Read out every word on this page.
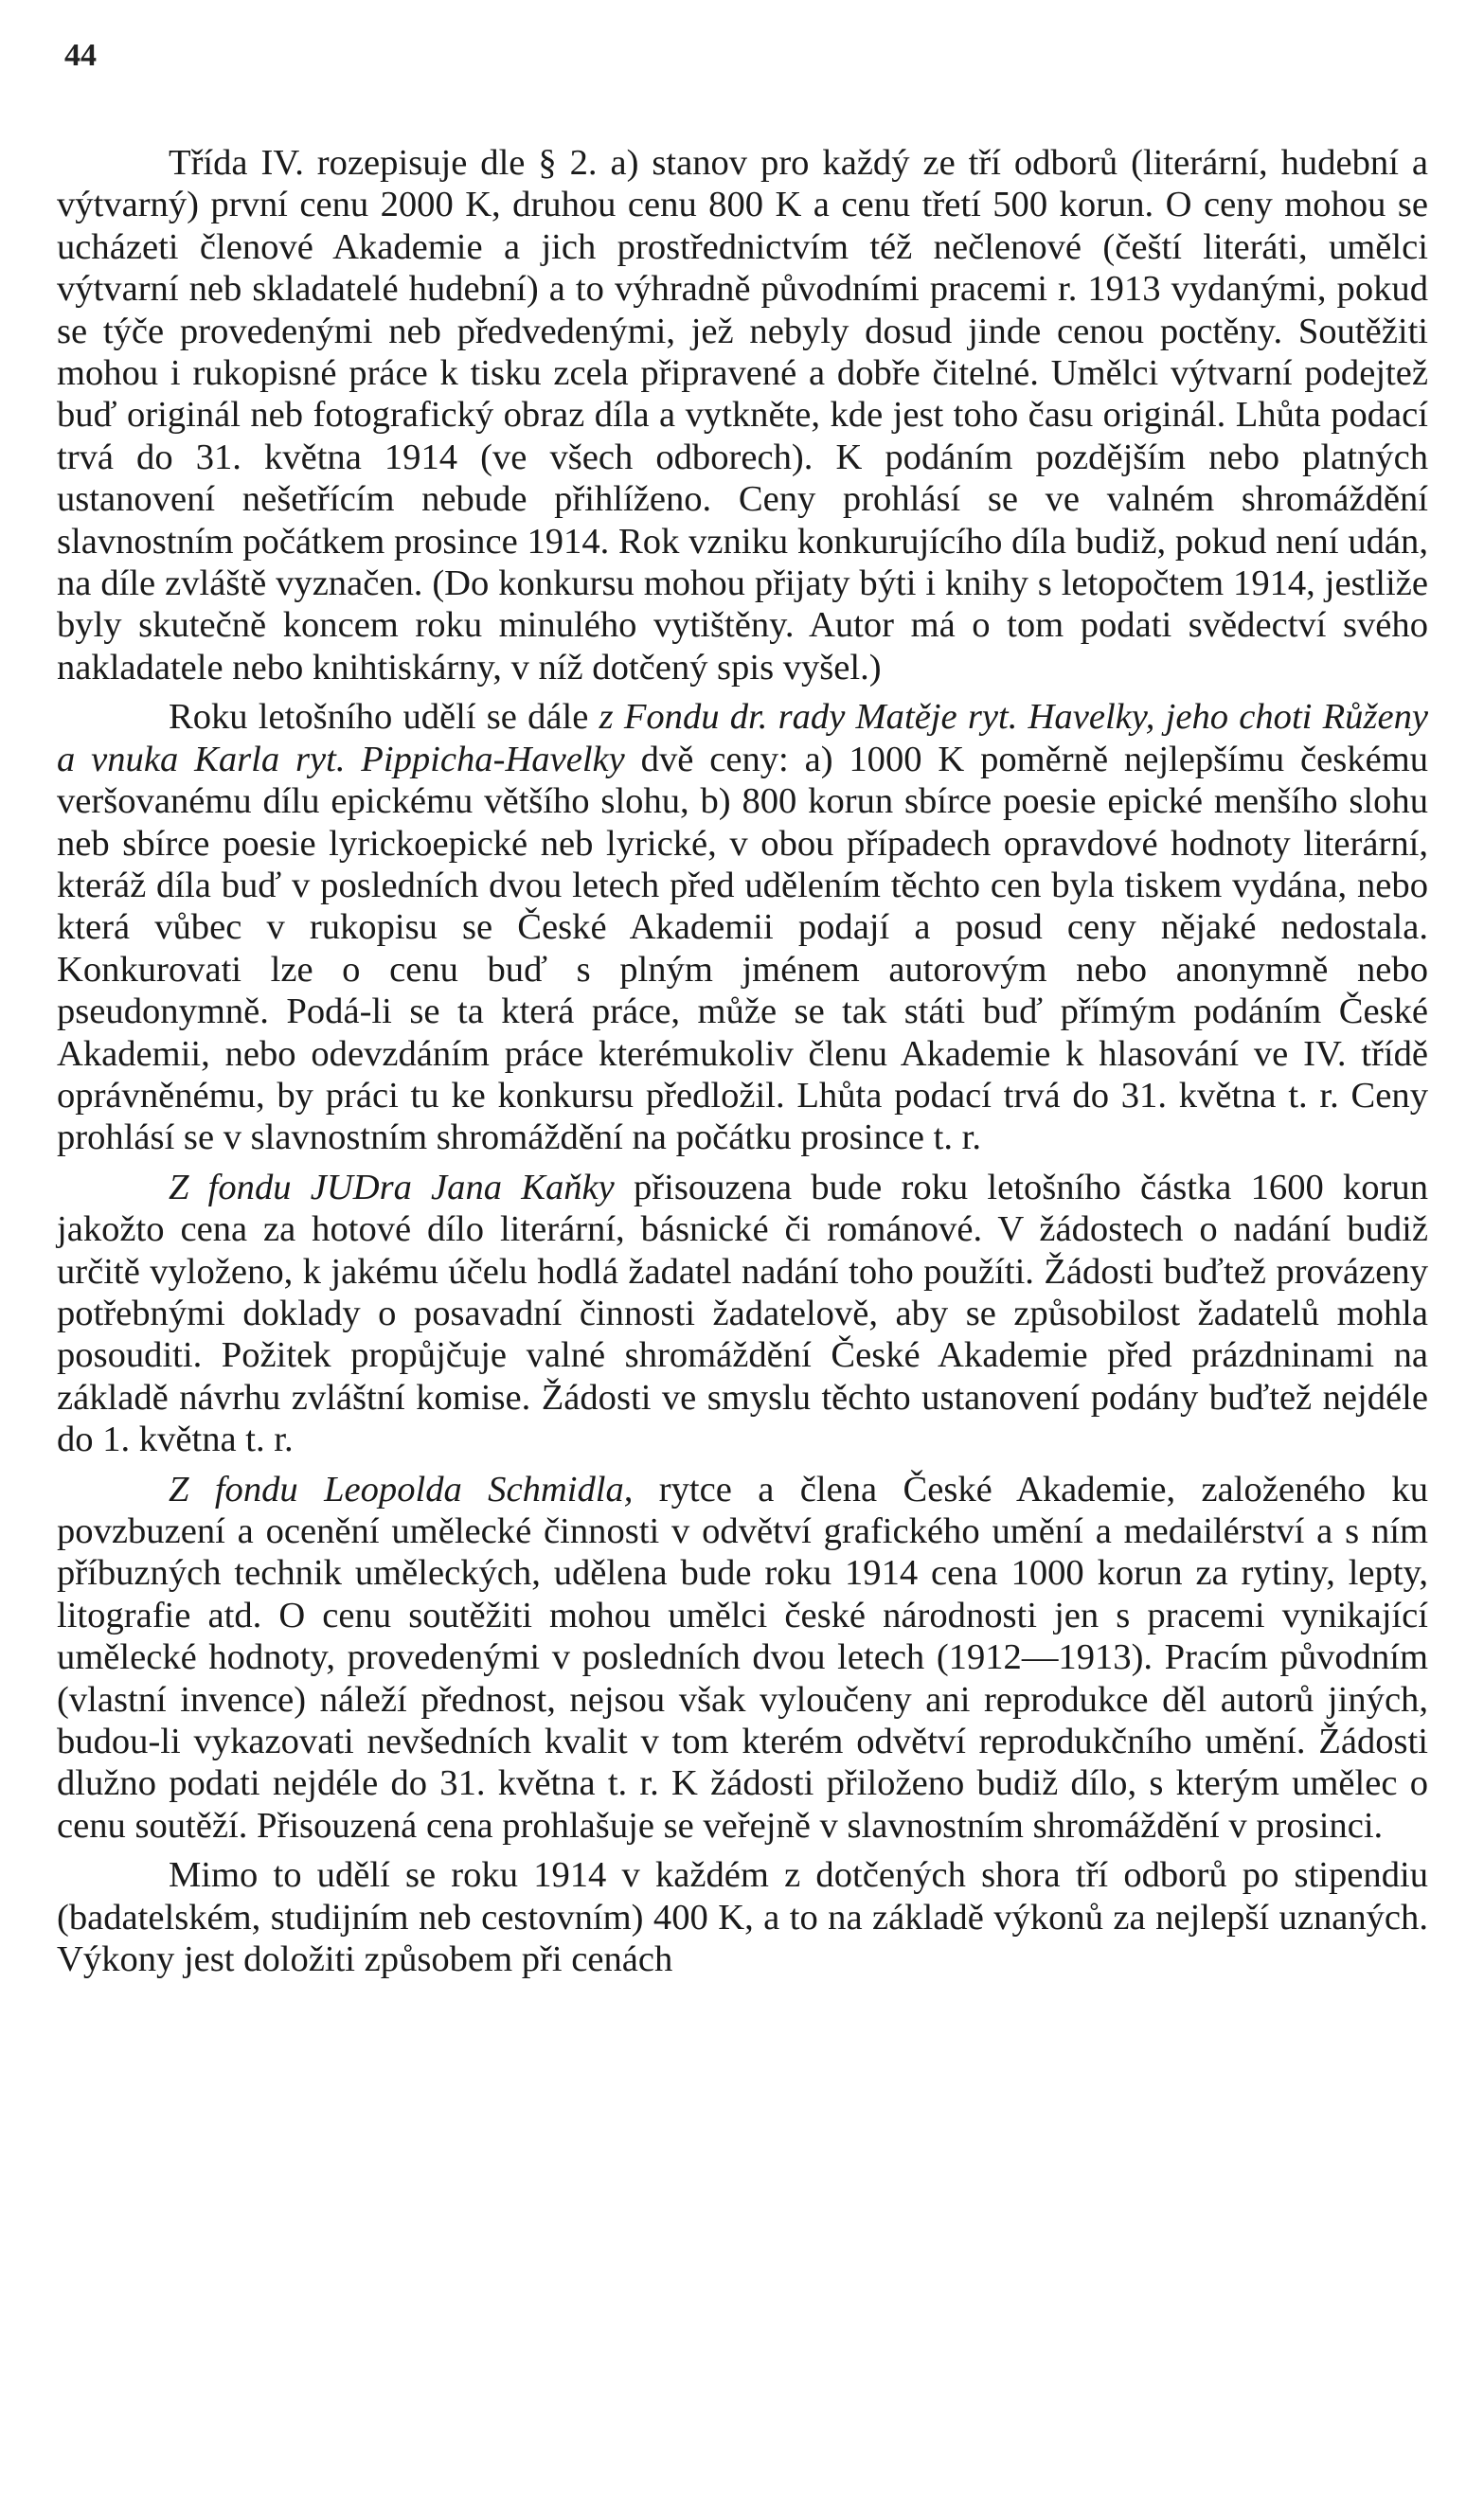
44

Třída IV. rozepisuje dle § 2. a) stanov pro každý ze tří odborů (literární, hudební a výtvarný) první cenu 2000 K, druhou cenu 800 K a cenu třetí 500 korun. O ceny mohou se ucházeti členové Akademie a jich prostřednictvím též nečlenové (čeští literáti, umělci výtvarní neb skladatelé hudební) a to výhradně původními pracemi r. 1913 vydanými, pokud se týče provedenými neb předvedenými, jež nebyly dosud jinde cenou poctěny. Soutěžiti mohou i rukopisné práce k tisku zcela připravené a dobře čitelné. Umělci výtvarní podejtež buď originál neb fotografický obraz díla a vytkněte, kde jest toho času originál. Lhůta podací trvá do 31. května 1914 (ve všech odborech). K podáním pozdějším nebo platných ustanovení nešetřícím nebude přihlíženo. Ceny prohlásí se ve valném shromáždění slavnostním počátkem prosince 1914. Rok vzniku konkurujícího díla budiž, pokud není udán, na díle zvláště vyznačen. (Do konkursu mohou přijaty býti i knihy s letopočtem 1914, jestliže byly skutečně koncem roku minulého vytištěny. Autor má o tom podati svědectví svého nakladatele nebo knihtiskárny, v níž dotčený spis vyšel.)

Roku letošního udělí se dále z Fondu dr. rady Matěje ryt. Havelky, jeho choti Růženy a vnuka Karla ryt. Pippicha-Havelky dvě ceny: a) 1000 K poměrně nejlepšímu českému veršovanému dílu epickému většího slohu, b) 800 korun sbírce poesie epické menšího slohu neb sbírce poesie lyrickoepické neb lyrické, v obou případech opravdové hodnoty literární, kteráž díla buď v posledních dvou letech před udělením těchto cen byla tiskem vydána, nebo která vůbec v rukopisu se České Akademii podají a posud ceny nějaké nedostala. Konkurovati lze o cenu buď s plným jménem autorovým nebo anonymně nebo pseudonymně. Podá-li se ta která práce, může se tak státi buď přímým podáním České Akademii, nebo odevzdáním práce kterémukoliv členu Akademie k hlasování ve IV. třídě oprávněnému, by práci tu ke konkursu předložil. Lhůta podací trvá do 31. května t. r. Ceny prohlásí se v slavnostním shromáždění na počátku prosince t. r.

Z fondu JUDra Jana Kaňky přisouzena bude roku letošního částka 1600 korun jakožto cena za hotové dílo literární, básnické či románové. V žádostech o nadání budiž určitě vyloženo, k jakému účelu hodlá žadatel nadání toho použíti. Žádosti buďtež provázeny potřebnými doklady o posavadní činnosti žadatelově, aby se způsobilost žadatelů mohla posouditi. Požitek propůjčuje valné shromáždění České Akademie před prázdninami na základě návrhu zvláštní komise. Žádosti ve smyslu těchto ustanovení podány buďtež nejdéle do 1. května t. r.

Z fondu Leopolda Schmidla, rytce a člena České Akademie, založeného ku povzbuzení a ocenění umělecké činnosti v odvětví grafického umění a medailérství a s ním příbuzných technik uměleckých, udělena bude roku 1914 cena 1000 korun za rytiny, lepty, litografie atd. O cenu soutěžiti mohou umělci české národnosti jen s pracemi vynikající umělecké hodnoty, provedenými v posledních dvou letech (1912—1913). Pracím původním (vlastní invence) náleží přednost, nejsou však vyloučeny ani reprodukce děl autorů jiných, budou-li vykazovati nevšedních kvalit v tom kterém odvětví reprodukčního umění. Žádosti dlužno podati nejdéle do 31. května t. r. K žádosti přiloženo budiž dílo, s kterým umělec o cenu soutěží. Přisouzená cena prohlašuje se veřejně v slavnostním shromáždění v prosinci.

Mimo to udělí se roku 1914 v každém z dotčených shora tří odborů po stipendiu (badatelském, studijním neb cestovním) 400 K, a to na základě výkonů za nejlepší uznaných. Výkony jest doložiti způsobem při cenách
